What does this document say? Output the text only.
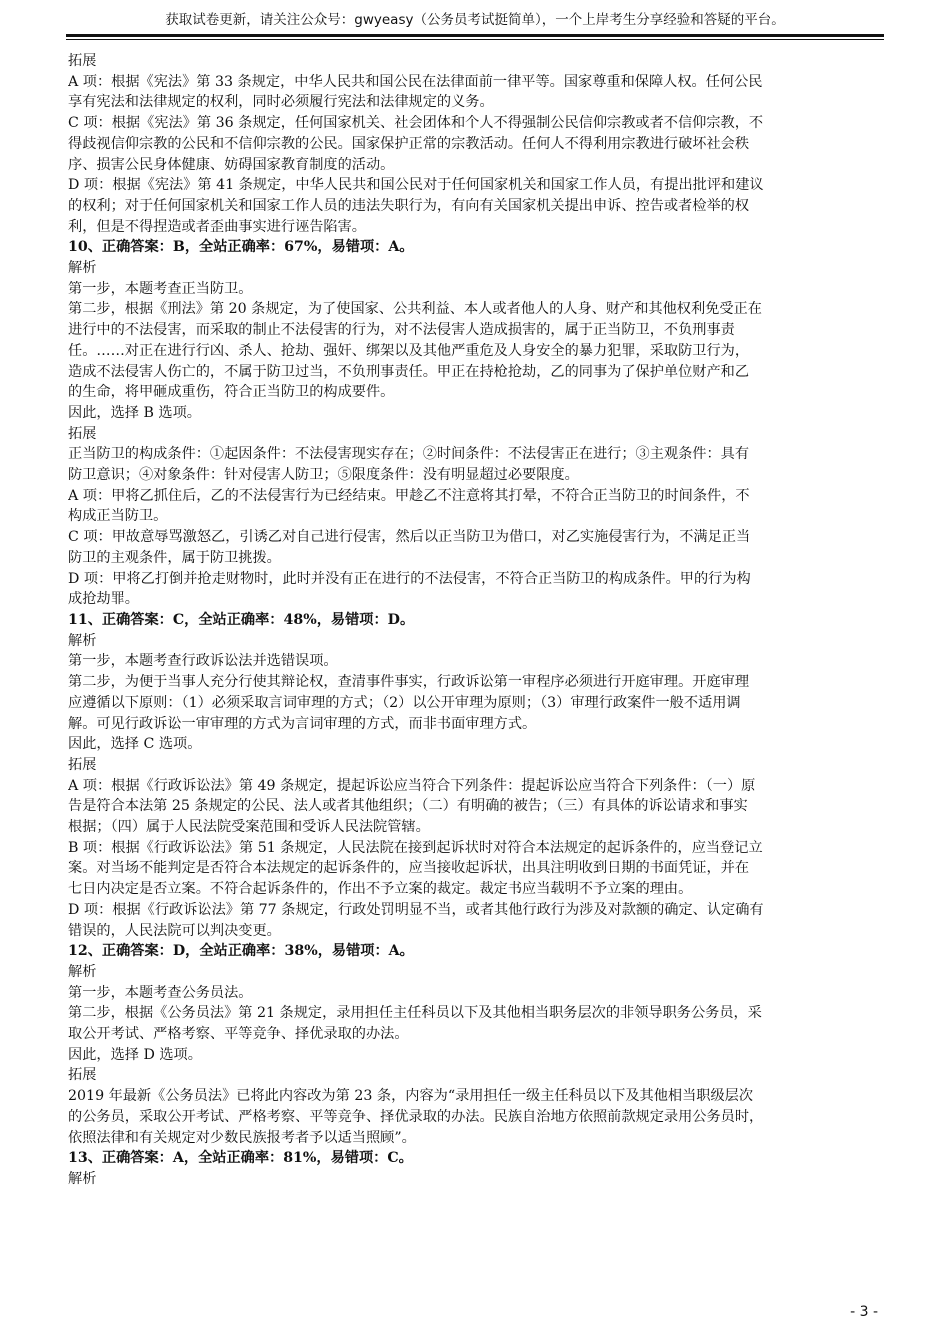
获取试卷更新，请关注公众号：gwyeasy（公务员考试挺简单），一个上岸考生分享经验和答疑的平台。

拓展

A 项：根据《宪法》第 33 条规定，中华人民共和国公民在法律面前一律平等。国家尊重和保障人权。任何公民

享有宪法和法律规定的权利，同时必须履行宪法和法律规定的义务。

C 项：根据《宪法》第 36 条规定，任何国家机关、社会团体和个人不得强制公民信仰宗教或者不信仰宗教，不

得歧视信仰宗教的公民和不信仰宗教的公民。国家保护正常的宗教活动。任何人不得利用宗教进行破坏社会秩

序、损害公民身体健康、妨碍国家教育制度的活动。

D 项：根据《宪法》第 41 条规定，中华人民共和国公民对于任何国家机关和国家工作人员，有提出批评和建议

的权利；对于任何国家机关和国家工作人员的违法失职行为，有向有关国家机关提出申诉、控告或者检举的权

利，但是不得捏造或者歪曲事实进行诬告陷害。

10、正确答案：B，全站正确率：67%，易错项：A。

解析

第一步，本题考查正当防卫。

第二步，根据《刑法》第 20 条规定，为了使国家、公共利益、本人或者他人的人身、财产和其他权利免受正在

进行中的不法侵害，而采取的制止不法侵害的行为，对不法侵害人造成损害的，属于正当防卫，不负刑事责

任。……对正在进行行凶、杀人、抢劫、强奸、绑架以及其他严重危及人身安全的暴力犯罪，采取防卫行为，

造成不法侵害人伤亡的，不属于防卫过当，不负刑事责任。甲正在持枪抢劫，乙的同事为了保护单位财产和乙

的生命，将甲砸成重伤，符合正当防卫的构成要件。

因此，选择 B 选项。

拓展

正当防卫的构成条件：①起因条件：不法侵害现实存在；②时间条件：不法侵害正在进行；③主观条件：具有

防卫意识；④对象条件：针对侵害人防卫；⑤限度条件：没有明显超过必要限度。

A 项：甲将乙抓住后，乙的不法侵害行为已经结束。甲趁乙不注意将其打晕，不符合正当防卫的时间条件，不

构成正当防卫。

C 项：甲故意辱骂激怒乙，引诱乙对自己进行侵害，然后以正当防卫为借口，对乙实施侵害行为，不满足正当

防卫的主观条件，属于防卫挑拨。

D 项：甲将乙打倒并抢走财物时，此时并没有正在进行的不法侵害，不符合正当防卫的构成条件。甲的行为构

成抢劫罪。

11、正确答案：C，全站正确率：48%，易错项：D。

解析

第一步，本题考查行政诉讼法并选错误项。

第二步，为便于当事人充分行使其辩论权，查清事件事实，行政诉讼第一审程序必须进行开庭审理。开庭审理

应遵循以下原则：（1）必须采取言词审理的方式；（2）以公开审理为原则；（3）审理行政案件一般不适用调

解。可见行政诉讼一审审理的方式为言词审理的方式，而非书面审理方式。

因此，选择 C 选项。

拓展

A 项：根据《行政诉讼法》第 49 条规定，提起诉讼应当符合下列条件：提起诉讼应当符合下列条件：（一）原

告是符合本法第 25 条规定的公民、法人或者其他组织；（二）有明确的被告；（三）有具体的诉讼请求和事实

根据；（四）属于人民法院受案范围和受诉人民法院管辖。

B 项：根据《行政诉讼法》第 51 条规定，人民法院在接到起诉状时对符合本法规定的起诉条件的，应当登记立

案。对当场不能判定是否符合本法规定的起诉条件的，应当接收起诉状，出具注明收到日期的书面凭证，并在

七日内决定是否立案。不符合起诉条件的，作出不予立案的裁定。裁定书应当载明不予立案的理由。

D 项：根据《行政诉讼法》第 77 条规定，行政处罚明显不当，或者其他行政行为涉及对款额的确定、认定确有

错误的，人民法院可以判决变更。

12、正确答案：D，全站正确率：38%，易错项：A。

解析

第一步，本题考查公务员法。

第二步，根据《公务员法》第 21 条规定，录用担任主任科员以下及其他相当职务层次的非领导职务公务员，采

取公开考试、严格考察、平等竞争、择优录取的办法。

因此，选择 D 选项。

拓展

2019 年最新《公务员法》已将此内容改为第 23 条，内容为“录用担任一级主任科员以下及其他相当职级层次

的公务员，采取公开考试、严格考察、平等竞争、择优录取的办法。民族自治地方依照前款规定录用公务员时，

依照法律和有关规定对少数民族报考者予以适当照顾”。

13、正确答案：A，全站正确率：81%，易错项：C。

解析

- 3 -
